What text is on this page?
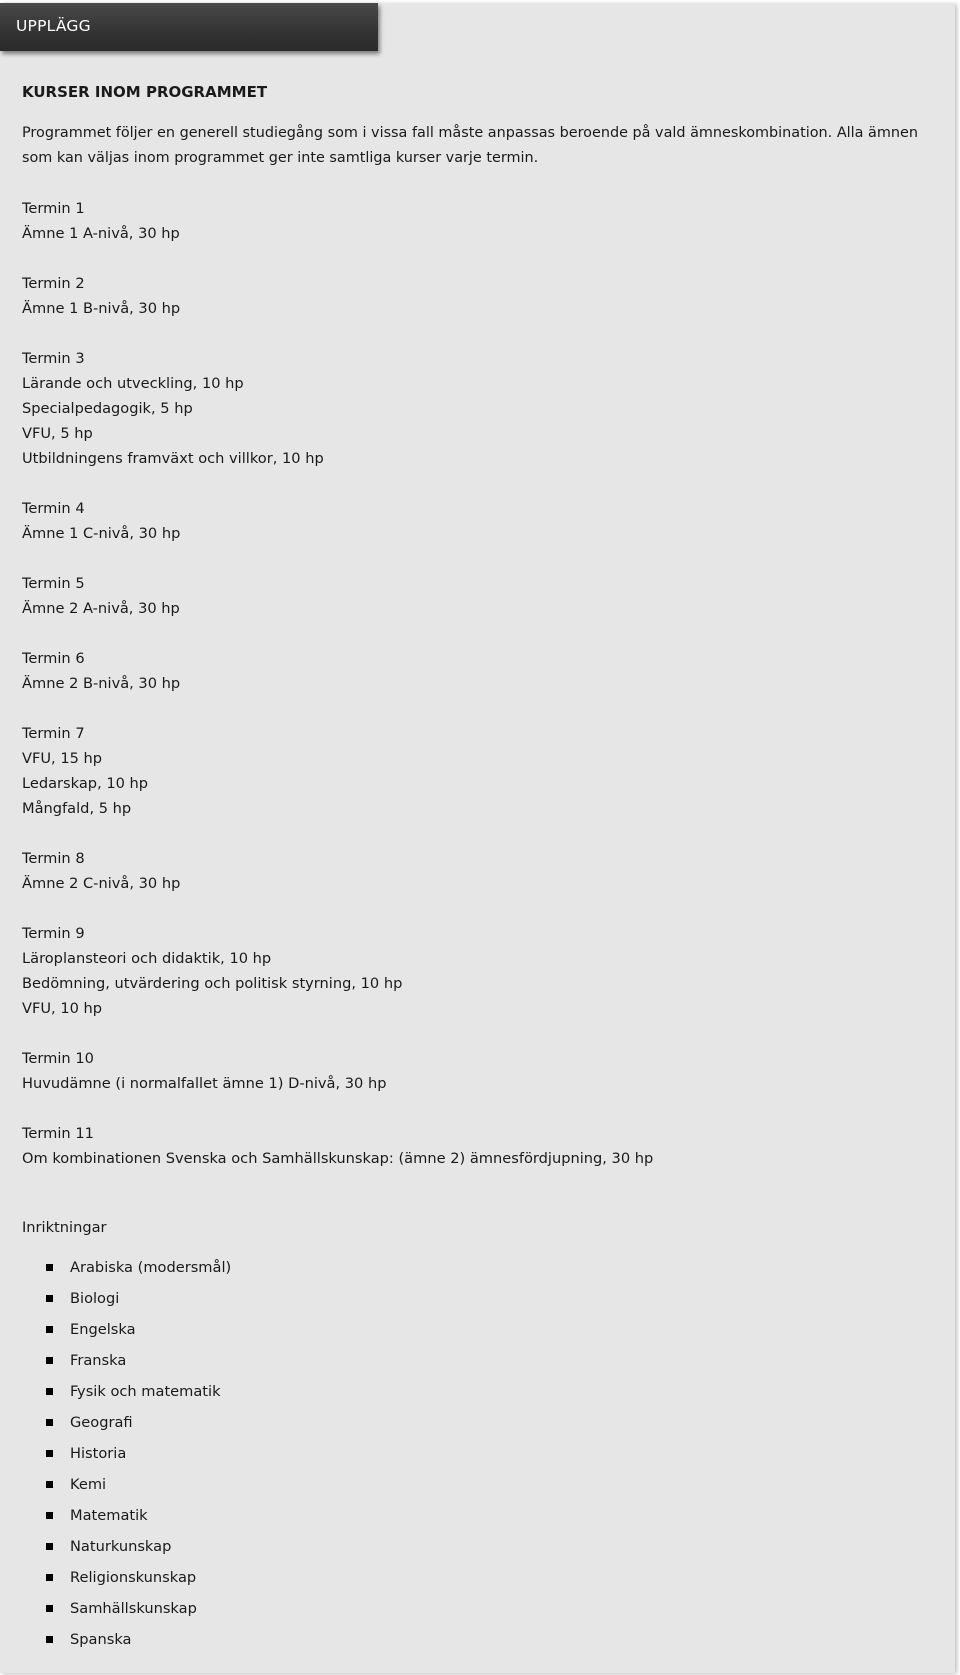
UPPLÄGG
KURSER INOM PROGRAMMET

Programmet följer en generell studiegång som i vissa fall måste anpassas beroende på vald ämneskombination. Alla ämnen som kan väljas inom programmet ger inte samtliga kurser varje termin.

Termin 1
Ämne 1 A-nivå, 30 hp
Termin 2
Ämne 1 B-nivå, 30 hp
Termin 3
Lärande och utveckling, 10 hp
Specialpedagogik, 5 hp
VFU, 5 hp
Utbildningens framväxt och villkor, 10 hp
Termin 4
Ämne 1 C-nivå, 30 hp
Termin 5
Ämne 2 A-nivå, 30 hp
Termin 6
Ämne 2 B-nivå, 30 hp
Termin 7
VFU, 15 hp
Ledarskap, 10 hp
Mångfald, 5 hp
Termin 8
Ämne 2 C-nivå, 30 hp
Termin 9
Läroplansteori och didaktik, 10 hp
Bedömning, utvärdering och politisk styrning, 10 hp
VFU, 10 hp
Termin 10
Huvudämne (i normalfallet ämne 1) D-nivå, 30 hp
Termin 11
Om kombinationen Svenska och Samhällskunskap: (ämne 2) ämnesfördjupning, 30 hp
Inriktningar
Arabiska (modersmål)
Biologi
Engelska
Franska
Fysik och matematik
Geografi
Historia
Kemi
Matematik
Naturkunskap
Religionskunskap
Samhällskunskap
Spanska
